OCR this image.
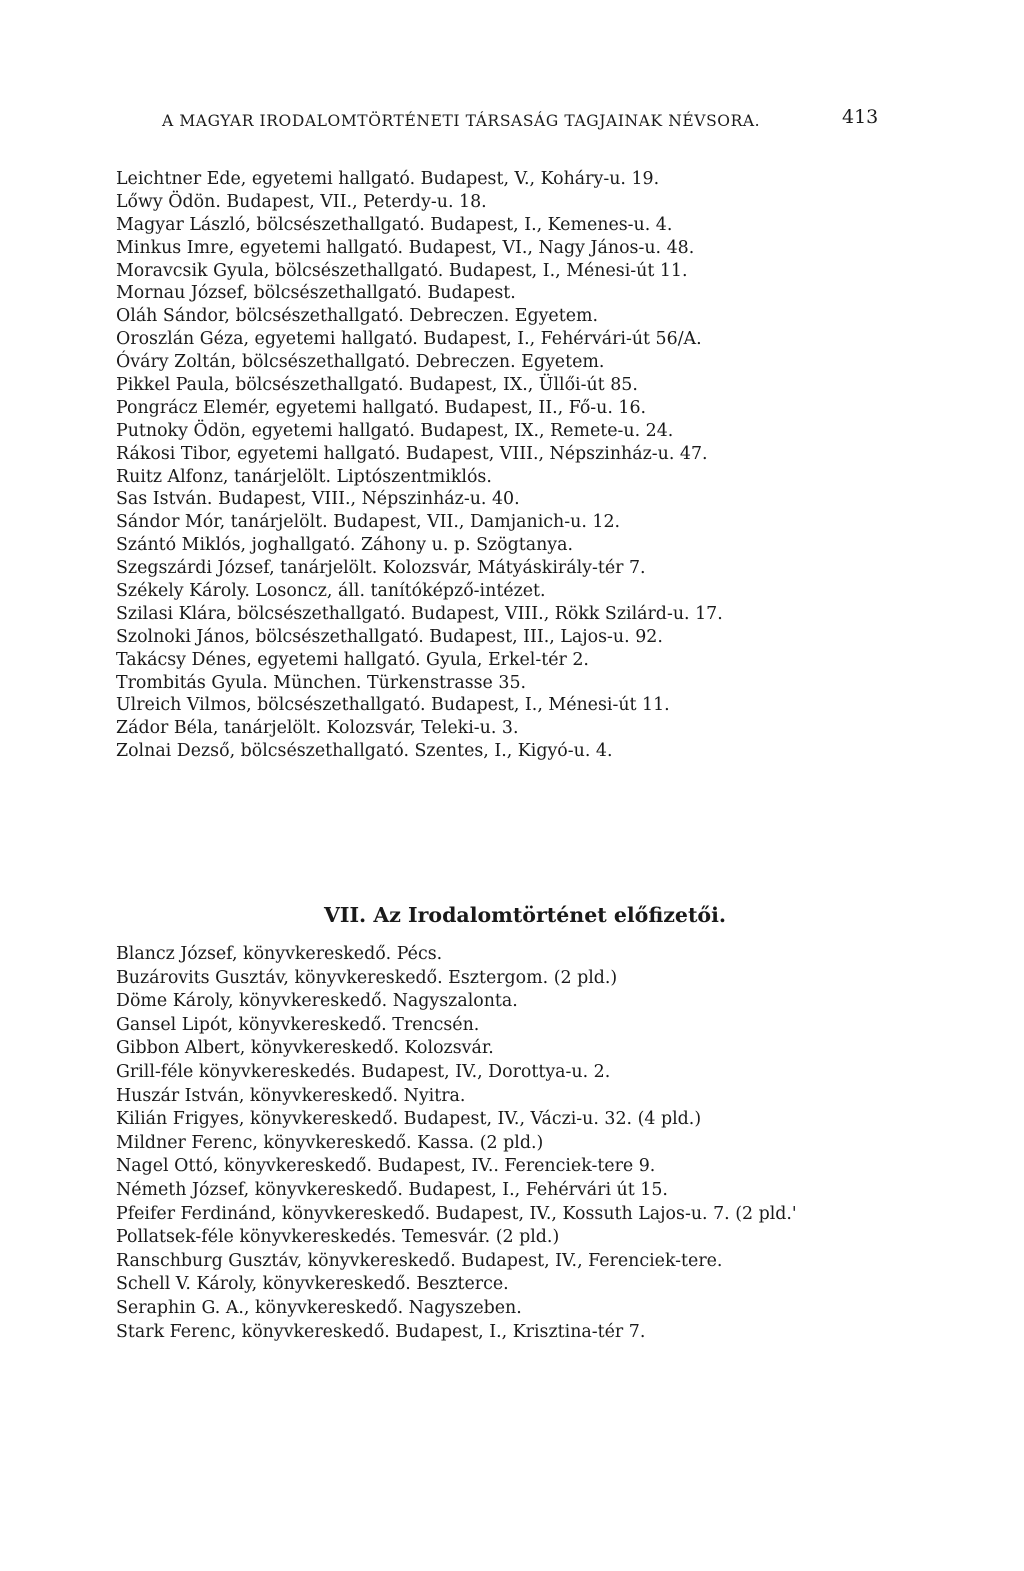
A MAGYAR IRODALOMTÖRTÉNETI TÁRSASÁG TAGJAINAK NÉVSORA.	413
Leichtner Ede, egyetemi hallgató. Budapest, V., Koháry-u. 19.
Lőwy Ödön. Budapest, VII., Peterdy-u. 18.
Magyar László, bölcsészethallgató. Budapest, I., Kemenes-u. 4.
Minkus Imre, egyetemi hallgató. Budapest, VI., Nagy János-u. 48.
Moravcsik Gyula, bölcsészethallgató. Budapest, I., Ménesi-út 11.
Mornau József, bölcsészethallgató. Budapest.
Oláh Sándor, bölcsészethallgató. Debreczen. Egyetem.
Oroszlán Géza, egyetemi hallgató. Budapest, I., Fehérvári-út 56/A.
Óváry Zoltán, bölcsészethallgató. Debreczen. Egyetem.
Pikkel Paula, bölcsészethallgató. Budapest, IX., Üllői-út 85.
Pongrácz Elemér, egyetemi hallgató. Budapest, II., Fő-u. 16.
Putnoky Ödön, egyetemi hallgató. Budapest, IX., Remete-u. 24.
Rákosi Tibor, egyetemi hallgató. Budapest, VIII., Népszinház-u. 47.
Ruitz Alfonz, tanárjelölt. Liptószentmiklós.
Sas István. Budapest, VIII., Népszinház-u. 40.
Sándor Mór, tanárjelölt. Budapest, VII., Damjanich-u. 12.
Szántó Miklós, joghallgató. Záhony u. p. Szögtanya.
Szegszárdi József, tanárjelölt. Kolozsvár, Mátyáskirály-tér 7.
Székely Károly. Losoncz, áll. tanítóképző-intézet.
Szilasi Klára, bölcsészethallgató. Budapest, VIII., Rökk Szilárd-u. 17.
Szolnoki János, bölcsészethallgató. Budapest, III., Lajos-u. 92.
Takácsy Dénes, egyetemi hallgató. Gyula, Erkel-tér 2.
Trombitás Gyula. München. Türkenstrasse 35.
Ulreich Vilmos, bölcsészethallgató. Budapest, I., Ménesi-út 11.
Zádor Béla, tanárjelölt. Kolozsvár, Teleki-u. 3.
Zolnai Dezső, bölcsészethallgató. Szentes, I., Kigyó-u. 4.
VII. Az Irodalomtörténet előfizetői.
Blancz József, könyvkereskedő. Pécs.
Buzárovits Gusztáv, könyvkereskedő. Esztergom. (2 pld.)
Döme Károly, könyvkereskedő. Nagyszalonta.
Gansel Lipót, könyvkereskedő. Trencsén.
Gibbon Albert, könyvkereskedő. Kolozsvár.
Grill-féle könyvkereskedés. Budapest, IV., Dorottya-u. 2.
Huszár István, könyvkereskedő. Nyitra.
Kilián Frigyes, könyvkereskedő. Budapest, IV., Váczi-u. 32. (4 pld.)
Mildner Ferenc, könyvkereskedő. Kassa. (2 pld.)
Nagel Ottó, könyvkereskedő. Budapest, IV.. Ferenciek-tere 9.
Németh József, könyvkereskedő. Budapest, I., Fehérvári út 15.
Pfeifer Ferdinánd, könyvkereskedő. Budapest, IV., Kossuth Lajos-u. 7. (2 pld.'
Pollatsek-féle könyvkereskedés. Temesvár. (2 pld.)
Ranschburg Gusztáv, könyvkereskedő. Budapest, IV., Ferenciek-tere.
Schell V. Károly, könyvkereskedő. Beszterce.
Seraphin G. A., könyvkereskedő. Nagyszeben.
Stark Ferenc, könyvkereskedő. Budapest, I., Krisztina-tér 7.
